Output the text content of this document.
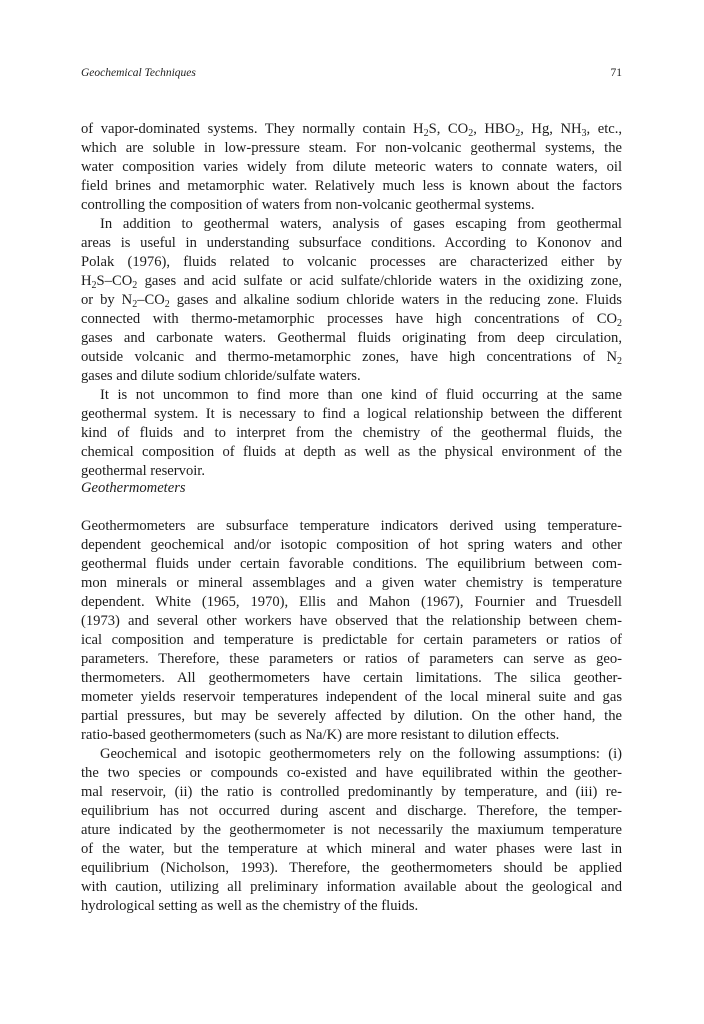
Geochemical Techniques	71
of vapor-dominated systems. They normally contain $H_2S$, $CO_2$, $HBO_2$, Hg, $NH_3$, etc.,
which are soluble in low-pressure steam. For non-volcanic geothermal systems, the
water composition varies widely from dilute meteoric waters to connate waters, oil
field brines and metamorphic water. Relatively much less is known about the factors
controlling the composition of waters from non-volcanic geothermal systems.
In addition to geothermal waters, analysis of gases escaping from geothermal
areas is useful in understanding subsurface conditions. According to Kononov and
Polak (1976), fluids related to volcanic processes are characterized either by
$H_2S-CO_2$ gases and acid sulfate or acid sulfate/chloride waters in the oxidizing zone,
or by $N_2-CO_2$ gases and alkaline sodium chloride waters in the reducing zone. Fluids
connected with thermo-metamorphic processes have high concentrations of $CO_2$
gases and carbonate waters. Geothermal fluids originating from deep circulation,
outside volcanic and thermo-metamorphic zones, have high concentrations of $N_2$
gases and dilute sodium chloride/sulfate waters.
It is not uncommon to find more than one kind of fluid occurring at the same
geothermal system. It is necessary to find a logical relationship between the different
kind of fluids and to interpret from the chemistry of the geothermal fluids, the
chemical composition of fluids at depth as well as the physical environment of the
geothermal reservoir.
Geothermometers
Geothermometers are subsurface temperature indicators derived using temperature-
dependent geochemical and/or isotopic composition of hot spring waters and other
geothermal fluids under certain favorable conditions. The equilibrium between com-
mon minerals or mineral assemblages and a given water chemistry is temperature
dependent. White (1965, 1970), Ellis and Mahon (1967), Fournier and Truesdell
(1973) and several other workers have observed that the relationship between chem-
ical composition and temperature is predictable for certain parameters or ratios of
parameters. Therefore, these parameters or ratios of parameters can serve as geo-
thermometers. All geothermometers have certain limitations. The silica geother-
mometer yields reservoir temperatures independent of the local mineral suite and gas
partial pressures, but may be severely affected by dilution. On the other hand, the
ratio-based geothermometers (such as Na/K) are more resistant to dilution effects.
Geochemical and isotopic geothermometers rely on the following assumptions: (i)
the two species or compounds co-existed and have equilibrated within the geother-
mal reservoir, (ii) the ratio is controlled predominantly by temperature, and (iii) re-
equilibrium has not occurred during ascent and discharge. Therefore, the temper-
ature indicated by the geothermometer is not necessarily the maxiumum temperature
of the water, but the temperature at which mineral and water phases were last in
equilibrium (Nicholson, 1993). Therefore, the geothermometers should be applied
with caution, utilizing all preliminary information available about the geological and
hydrological setting as well as the chemistry of the fluids.
